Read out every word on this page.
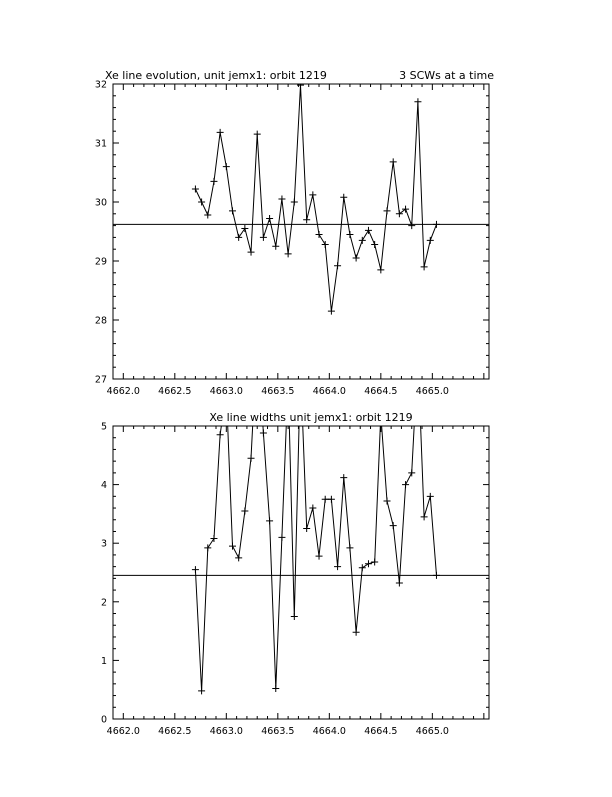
4662.0 4662.5 4663.0 4663.5 4664.0 4664.5 4665.0
27
28
29
30
31
32
Xe line evolution, unit jemx1: orbit 1219	3 SCWs at a time
4662.0 4662.5 4663.0 4663.5 4664.0 4664.5 4665.0
0
1
2
3
4
5
Xe line widths unit jemx1: orbit 1219
